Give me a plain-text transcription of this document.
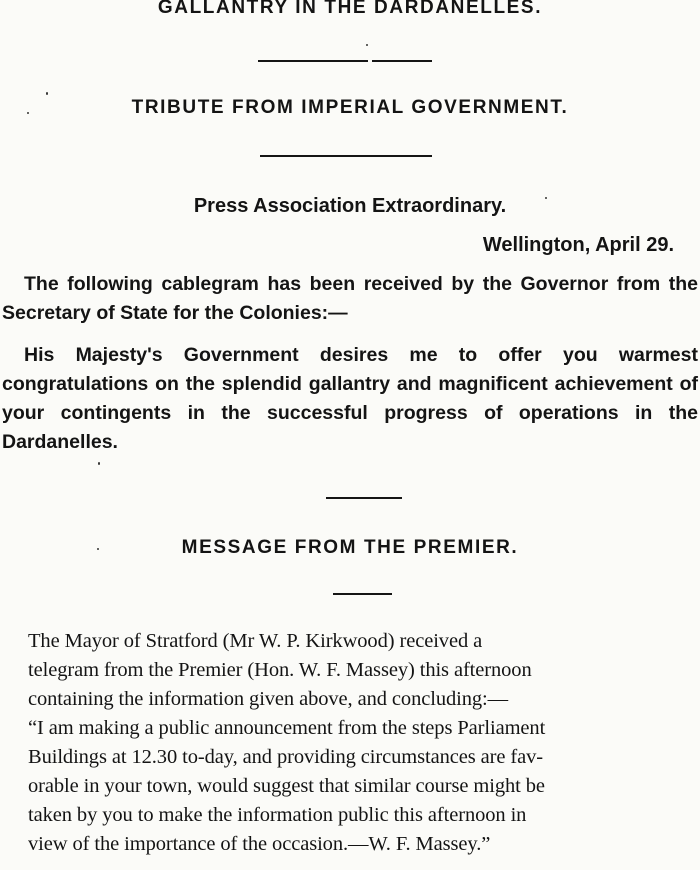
GALLANTRY IN THE DARDANELLES.
TRIBUTE FROM IMPERIAL GOVERNMENT.
Press Association Extraordinary.
Wellington, April 29.
The following cablegram has been received by the Governor from the Secretary of State for the Colonies:—
His Majesty's Government desires me to offer you warmest congratulations on the splendid gallantry and magnificent achievement of your contingents in the successful progress of operations in the Dardanelles.
MESSAGE FROM THE PREMIER.
The Mayor of Stratford (Mr W. P. Kirkwood) received a
telegram from the Premier (Hon. W. F. Massey) this afternoon
containing the information given above, and concluding:—
“I am making a public announcement from the steps Parliament
Buildings at 12.30 to-day, and providing circumstances are fav-
orable in your town, would suggest that similar course might be
taken by you to make the information public this afternoon in
view of the importance of the occasion.—W. F. Massey.”
